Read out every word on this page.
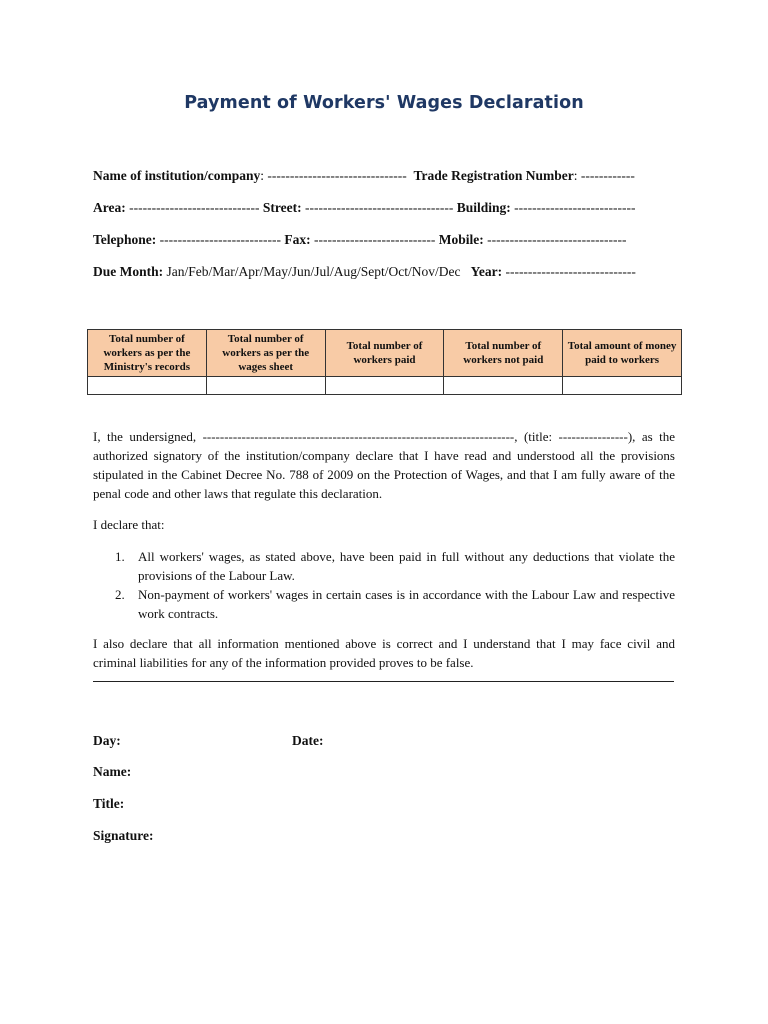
Payment of Workers' Wages Declaration
Name of institution/company: ------------------------------- Trade Registration Number: ------------
Area: ----------------------------- Street: --------------------------------- Building: ---------------------------
Telephone: --------------------------- Fax: --------------------------- Mobile: -------------------------------
Due Month: Jan/Feb/Mar/Apr/May/Jun/Jul/Aug/Sept/Oct/Nov/Dec Year: -----------------------------
Total number of workers as per the Ministry's records	Total number of workers as per the wages sheet	Total number of workers paid	Total number of workers not paid	Total amount of money paid to workers

I, the undersigned, ------------------------------------------------------------------------, (title: ----------------), as the authorized signatory of the institution/company declare that I have read and understood all the provisions stipulated in the Cabinet Decree No. 788 of 2009 on the Protection of Wages, and that I am fully aware of the penal code and other laws that regulate this declaration.
I declare that:
1. All workers' wages, as stated above, have been paid in full without any deductions that violate the provisions of the Labour Law.
2. Non-payment of workers' wages in certain cases is in accordance with the Labour Law and respective work contracts.
I also declare that all information mentioned above is correct and I understand that I may face civil and criminal liabilities for any of the information provided proves to be false.
Day:	Date:
Name:
Title:
Signature:
